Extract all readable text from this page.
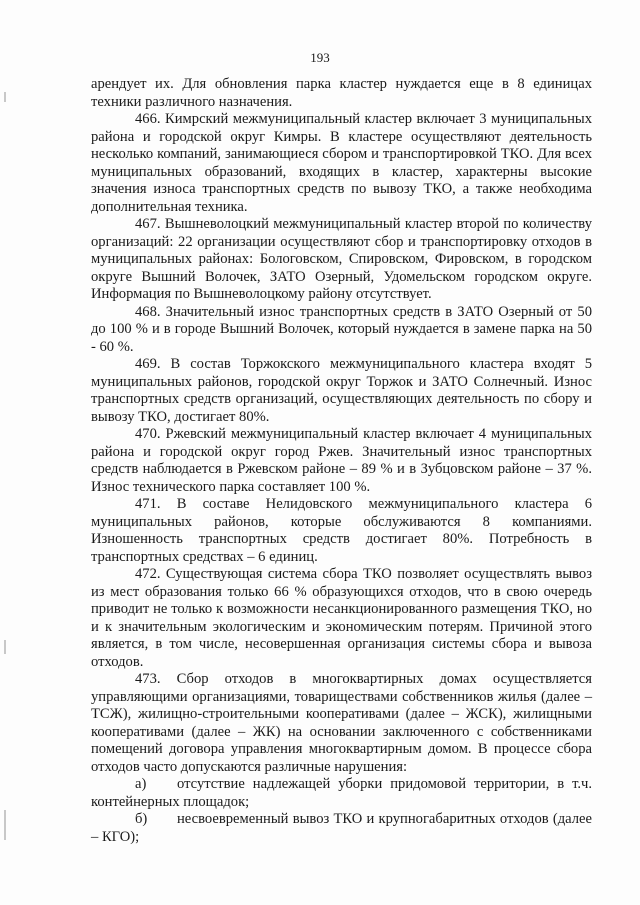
193

арендует их. Для обновления парка кластер нуждается еще в 8 единицах техники различного назначения.

466. Кимрский межмуниципальный кластер включает 3 муниципальных района и городской округ Кимры. В кластере осуществляют деятельность несколько компаний, занимающиеся сбором и транспортировкой ТКО. Для всех муниципальных образований, входящих в кластер, характерны высокие значения износа транспортных средств по вывозу ТКО, а также необходима дополнительная техника.

467. Вышневолоцкий межмуниципальный кластер второй по количеству организаций: 22 организации осуществляют сбор и транспортировку отходов в муниципальных районах: Бологовском, Спировском, Фировском, в городском округе Вышний Волочек, ЗАТО Озерный, Удомельском городском округе. Информация по Вышневолоцкому району отсутствует.

468. Значительный износ транспортных средств в ЗАТО Озерный от 50 до 100 % и в городе Вышний Волочек, который нуждается в замене парка на 50 - 60 %.

469. В состав Торжокского межмуниципального кластера входят 5 муниципальных районов, городской округ Торжок и ЗАТО Солнечный. Износ транспортных средств организаций, осуществляющих деятельность по сбору и вывозу ТКО, достигает 80%.

470. Ржевский межмуниципальный кластер включает 4 муниципальных района и городской округ город Ржев. Значительный износ транспортных средств наблюдается в Ржевском районе – 89 % и в Зубцовском районе – 37 %. Износ технического парка составляет 100 %.

471. В составе Нелидовского межмуниципального кластера 6 муниципальных районов, которые обслуживаются 8 компаниями. Изношенность транспортных средств достигает 80%. Потребность в транспортных средствах – 6 единиц.

472. Существующая система сбора ТКО позволяет осуществлять вывоз из мест образования только 66 % образующихся отходов, что в свою очередь приводит не только к возможности несанкционированного размещения ТКО, но и к значительным экологическим и экономическим потерям. Причиной этого является, в том числе, несовершенная организация системы сбора и вывоза отходов.

473. Сбор отходов в многоквартирных домах осуществляется управляющими организациями, товариществами собственников жилья (далее – ТСЖ), жилищно-строительными кооперативами (далее – ЖСК), жилищными кооперативами (далее – ЖК) на основании заключенного с собственниками помещений договора управления многоквартирным домом. В процессе сбора отходов часто допускаются различные нарушения:

а) отсутствие надлежащей уборки придомовой территории, в т.ч. контейнерных площадок;

б) несвоевременный вывоз ТКО и крупногабаритных отходов (далее – КГО);
